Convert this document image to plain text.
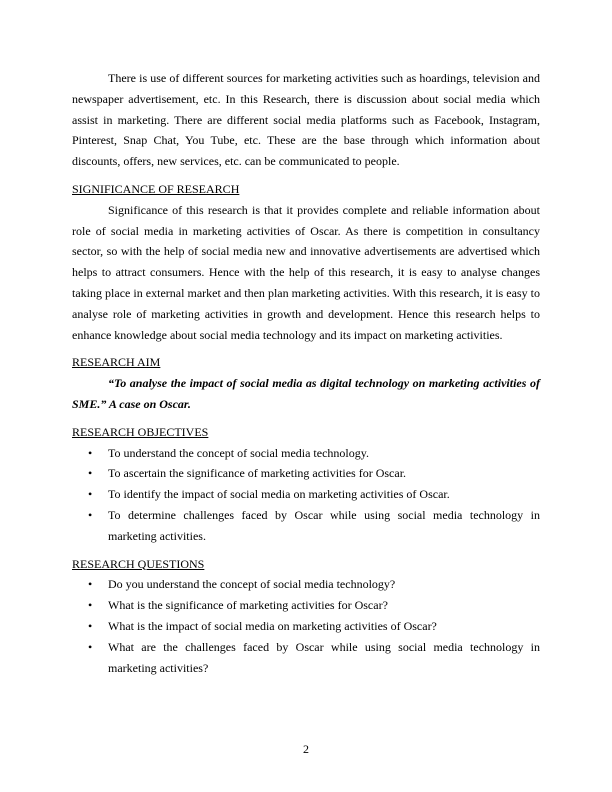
There is use of different sources for marketing activities such as hoardings, television and newspaper advertisement, etc. In this Research, there is discussion about social media which assist in marketing. There are different social media platforms such as Facebook, Instagram, Pinterest, Snap Chat, You Tube, etc. These are the base through which information about discounts, offers, new services, etc. can be communicated to people.

SIGNIFICANCE OF RESEARCH

Significance of this research is that it provides complete and reliable information about role of social media in marketing activities of Oscar. As there is competition in consultancy sector, so with the help of social media new and innovative advertisements are advertised which helps to attract consumers. Hence with the help of this research, it is easy to analyse changes taking place in external market and then plan marketing activities. With this research, it is easy to analyse role of marketing activities in growth and development. Hence this research helps to enhance knowledge about social media technology and its impact on marketing activities.

RESEARCH AIM

“To analyse the impact of social media as digital technology on marketing activities of SME.” A case on Oscar.

RESEARCH OBJECTIVES

• To understand the concept of social media technology.
• To ascertain the significance of marketing activities for Oscar.
• To identify the impact of social media on marketing activities of Oscar.
• To determine challenges faced by Oscar while using social media technology in marketing activities.

RESEARCH QUESTIONS

• Do you understand the concept of social media technology?
• What is the significance of marketing activities for Oscar?
• What is the impact of social media on marketing activities of Oscar?
• What are the challenges faced by Oscar while using social media technology in marketing activities?
2
